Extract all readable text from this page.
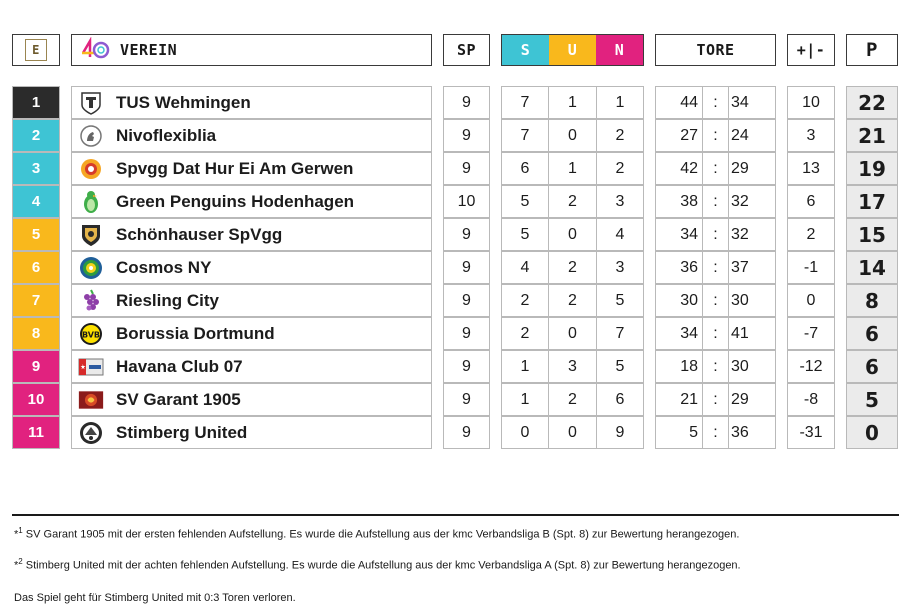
E	VEREIN	SP	S	U	N	TORE	+|-	P
1	TUS Wehmingen	9	7	1	1	44 : 34	10	22
2	Nivoflexiblia	9	7	0	2	27 : 24	3	21
3	Spvgg Dat Hur Ei Am Gerwen	9	6	1	2	42 : 29	13	19
4	Green Penguins Hodenhagen	10	5	2	3	38 : 32	6	17
5	Schönhauser SpVgg	9	5	0	4	34 : 32	2	15
6	Cosmos NY	9	4	2	3	36 : 37	-1	14
7	Riesling City	9	2	2	5	30 : 30	0	8
8	BVB Borussia Dortmund	9	2	0	7	34 : 41	-7	6
9	Havana Club 07	9	1	3	5	18 : 30	-12	6
10	SV Garant 1905	9	1	2	6	21 : 29	-8	5
11	Stimberg United	9	0	0	9	5 : 36	-31	0
*$^1$ SV Garant 1905 mit der ersten fehlenden Aufstellung. Es wurde die Aufstellung aus der kmc Verbandsliga B (Spt. 8) zur Bewertung herangezogen.
*$^2$ Stimberg United mit der achten fehlenden Aufstellung. Es wurde die Aufstellung aus der kmc Verbandsliga A (Spt. 8) zur Bewertung herangezogen.
Das Spiel geht für Stimberg United mit 0:3 Toren verloren.
